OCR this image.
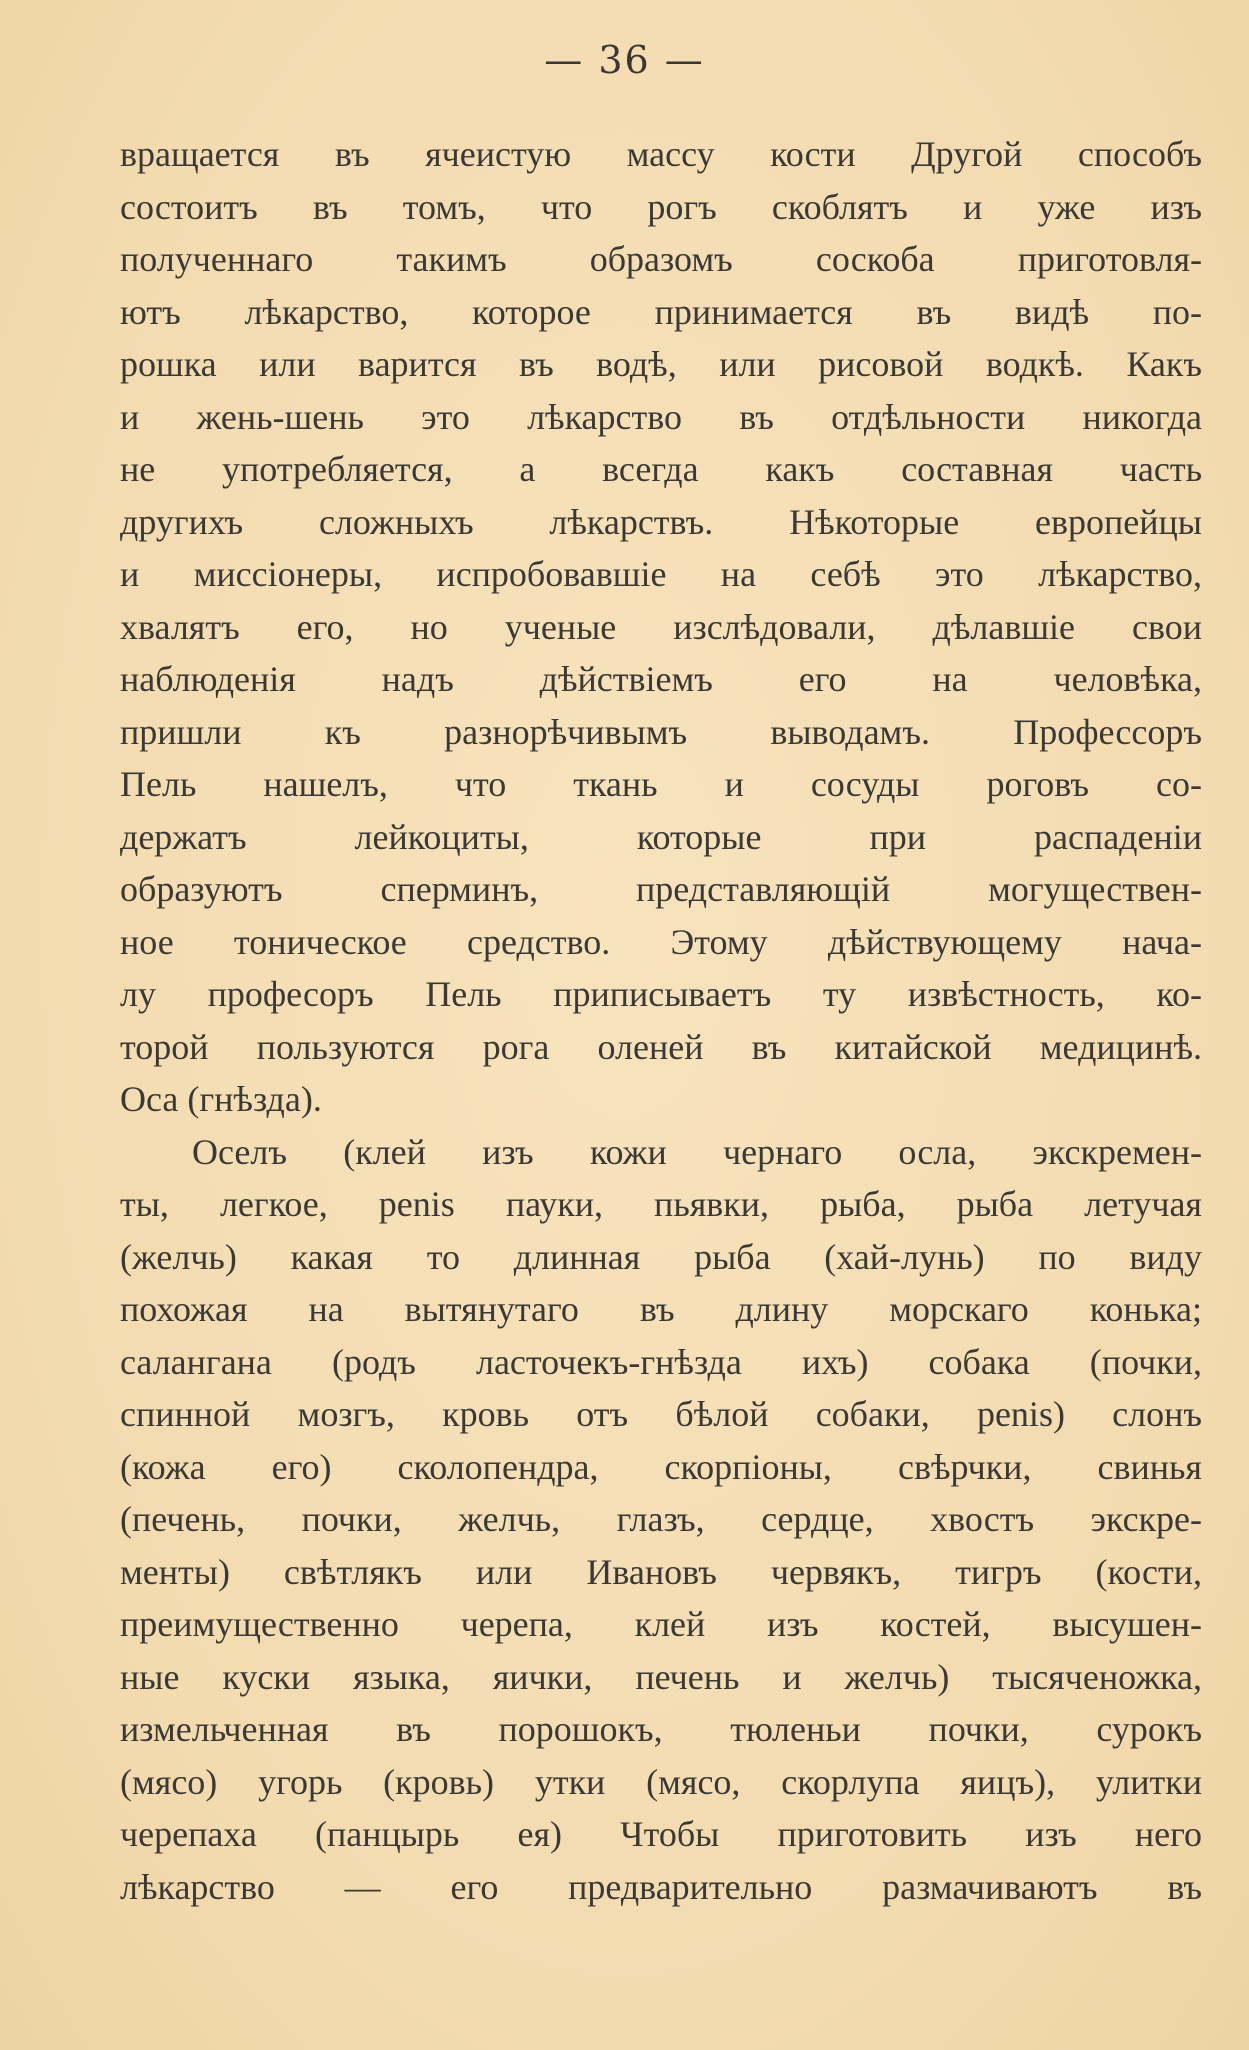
— 36 —
вращается въ ячеистую массу кости Другой способъ
состоитъ въ томъ, что рогъ скоблятъ и уже изъ
полученнаго такимъ образомъ соскоба приготовля-
ютъ лѣкарство, которое принимается въ видѣ по-
рошка или варится въ водѣ, или рисовой водкѣ. Какъ
и жень-шень это лѣкарство въ отдѣльности никогда
не употребляется, а всегда какъ составная часть
другихъ сложныхъ лѣкарствъ. Нѣкоторые европейцы
и миссіонеры, испробовавшіе на себѣ это лѣкарство,
хвалятъ его, но ученые изслѣдовали, дѣлавшіе свои
наблюденія надъ дѣйствіемъ его на человѣка,
пришли къ разнорѣчивымъ выводамъ. Профессоръ
Пель нашелъ, что ткань и сосуды роговъ со-
держатъ лейкоциты, которые при распаденіи
образуютъ сперминъ, представляющій могуществен-
ное тоническое средство. Этому дѣйствующему нача-
лу професоръ Пель приписываетъ ту извѣстность, ко-
торой пользуются рога оленей въ китайской медицинѣ.
Оса (гнѣзда).
Оселъ (клей изъ кожи чернаго осла, экскремен-
ты, легкое, penis пауки, пьявки, рыба, рыба летучая
(желчь) какая то длинная рыба (хай-лунь) по виду
похожая на вытянутаго въ длину морскаго конька;
салангана (родъ ласточекъ-гнѣзда ихъ) собака (почки,
спинной мозгъ, кровь отъ бѣлой собаки, penis) слонъ
(кожа его) сколопендра, скорпіоны, свѣрчки, свинья
(печень, почки, желчь, глазъ, сердце, хвостъ экскре-
менты) свѣтлякъ или Ивановъ червякъ, тигръ (кости,
преимущественно черепа, клей изъ костей, высушен-
ные куски языка, яички, печень и желчь) тысяченожка,
измельченная въ порошокъ, тюленьи почки, сурокъ
(мясо) угорь (кровь) утки (мясо, скорлупа яицъ), улитки
черепаха (панцырь ея) Чтобы приготовить изъ него
лѣкарство — его предварительно размачиваютъ въ
